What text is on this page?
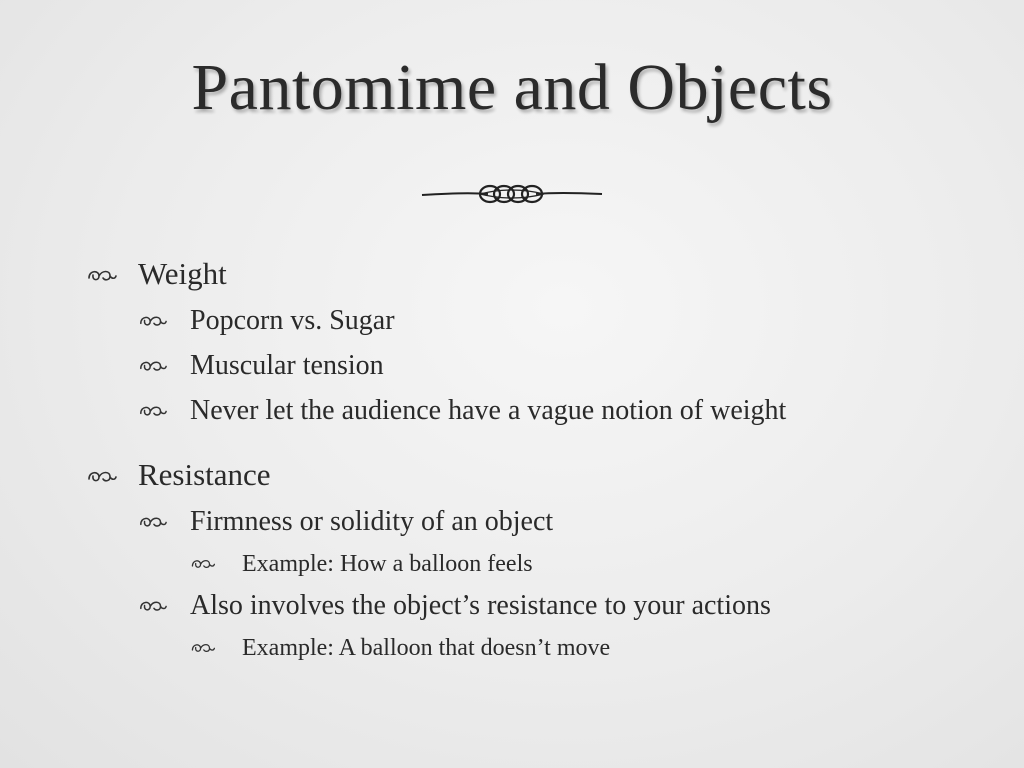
Pantomime and Objects
Weight
Popcorn vs. Sugar
Muscular tension
Never let the audience have a vague notion of weight
Resistance
Firmness or solidity of an object
Example: How a balloon feels
Also involves the object’s resistance to your actions
Example: A balloon that doesn’t move
